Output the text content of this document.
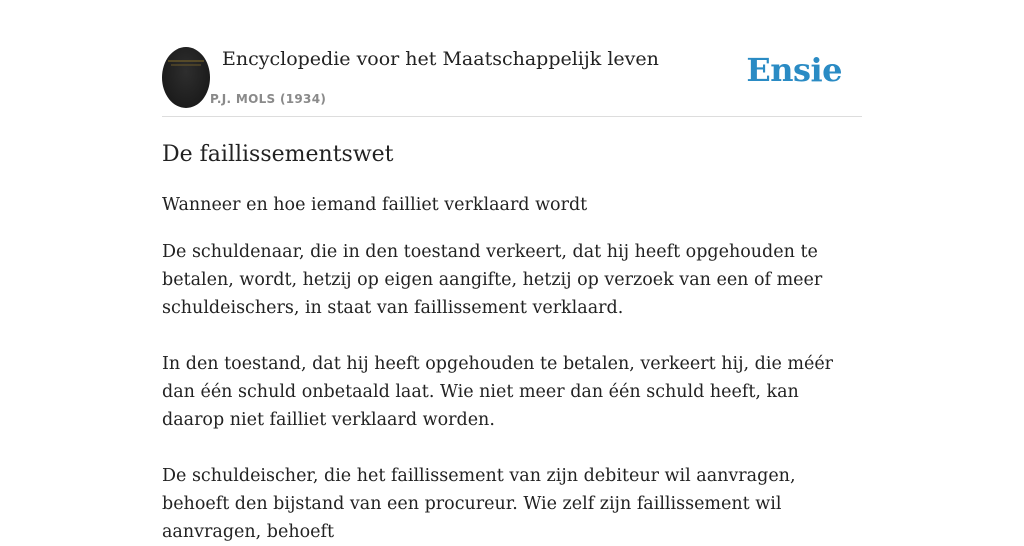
Encyclopedie voor het Maatschappelijk leven
P.J. MOLS (1934)
Ensie
De faillissementswet
Wanneer en hoe iemand failliet verklaard wordt

De schuldenaar, die in den toestand verkeert, dat hij heeft opgehouden te betalen, wordt, hetzij op eigen aangifte, hetzij op verzoek van een of meer schuldeischers, in staat van faillissement verklaard.

In den toestand, dat hij heeft opgehouden te betalen, verkeert hij, die méér dan één schuld onbetaald laat. Wie niet meer dan één schuld heeft, kan daarop niet failliet verklaard worden.

De schuldeischer, die het faillissement van zijn debiteur wil aanvragen, behoeft den bijstand van een procureur. Wie zelf zijn faillissement wil aanvragen, behoeft
